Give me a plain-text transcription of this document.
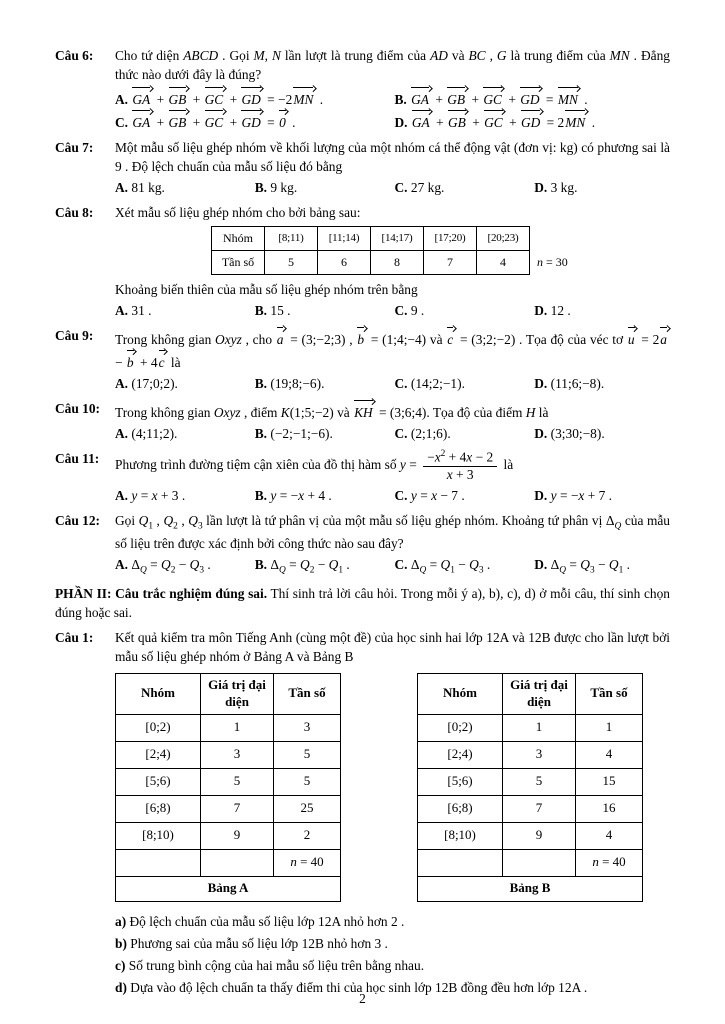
Câu 6:	Cho tứ diện ABCD . Gọi M, N lần lượt là trung điểm của AD và BC , G là trung điểm của MN . Đẳng thức nào dưới đây là đúng?
A. GA + GB + GC + GD = −2MN .	B. GA + GB + GC + GD = MN .
C. GA + GB + GC + GD = 0 .	D. GA + GB + GC + GD = 2MN .
Câu 7:	Một mẫu số liệu ghép nhóm về khối lượng của một nhóm cá thể động vật (đơn vị: kg) có phương sai là 9 . Độ lệch chuẩn của mẫu số liệu đó bằng
A. 81 kg.	B. 9 kg.	C. 27 kg.	D. 3 kg.
Câu 8:	Xét mẫu số liệu ghép nhóm cho bởi bảng sau:
Nhóm	[8;11)	[11;14)	[14;17)	[17;20)	[20;23)	
Tần số	5	6	8	7	4	n = 30
Khoảng biến thiên của mẫu số liệu ghép nhóm trên bằng
A. 31 .	B. 15 .	C. 9 .	D. 12 .
Câu 9:	Trong không gian Oxyz , cho a = (3;−2;3) , b = (1;4;−4) và c = (3;2;−2) . Tọa độ của véc tơ u = 2a − b + 4c là
A. (17;0;2).	B. (19;8;−6).	C. (14;2;−1).	D. (11;6;−8).
Câu 10:	Trong không gian Oxyz , điểm K(1;5;−2) và KH = (3;6;4). Tọa độ của điểm H là
A. (4;11;2).	B. (−2;−1;−6).	C. (2;1;6).	D. (3;30;−8).
Câu 11:	Phương trình đường tiệm cận xiên của đồ thị hàm số $y = \frac{-x^2 + 4x - 2}{x + 3}$ là
A. y = x + 3 .	B. y = −x + 4 .	C. y = x − 7 .	D. y = −x + 7 .
Câu 12:	Gọi $Q_1$ , $Q_2$ , $Q_3$ lần lượt là tứ phân vị của một mẫu số liệu ghép nhóm. Khoảng tứ phân vị $\Delta_Q$ của mẫu số liệu trên được xác định bởi công thức nào sau đây?
A. $\Delta_Q = Q_2 - Q_3$ .	B. $\Delta_Q = Q_2 - Q_1$ .	C. $\Delta_Q = Q_1 - Q_3$ .	D. $\Delta_Q = Q_3 - Q_1$ .
PHẦN II: Câu trắc nghiệm đúng sai. Thí sinh trả lời câu hỏi. Trong mỗi ý a), b), c), d) ở mỗi câu, thí sinh chọn đúng hoặc sai.
Câu 1:	Kết quả kiểm tra môn Tiếng Anh (cùng một đề) của học sinh hai lớp 12A và 12B được cho lần lượt bởi mẫu số liệu ghép nhóm ở Bảng A và Bảng B
Nhóm	Giá trị đại diện	Tần số
[0;2)	1	3
[2;4)	3	5
[5;6)	5	5
[6;8)	7	25
[8;10)	9	2
		n = 40
Bảng A		
Nhóm	Giá trị đại diện	Tần số
[0;2)	1	1
[2;4)	3	4
[5;6)	5	15
[6;8)	7	16
[8;10)	9	4
		n = 40
Bảng B		
a) Độ lệch chuẩn của mẫu số liệu lớp 12A nhỏ hơn 2 .
b) Phương sai của mẫu số liệu lớp 12B nhỏ hơn 3 .
c) Số trung bình cộng của hai mẫu số liệu trên bằng nhau.
d) Dựa vào độ lệch chuẩn ta thấy điểm thi của học sinh lớp 12B đồng đều hơn lớp 12A .
2
